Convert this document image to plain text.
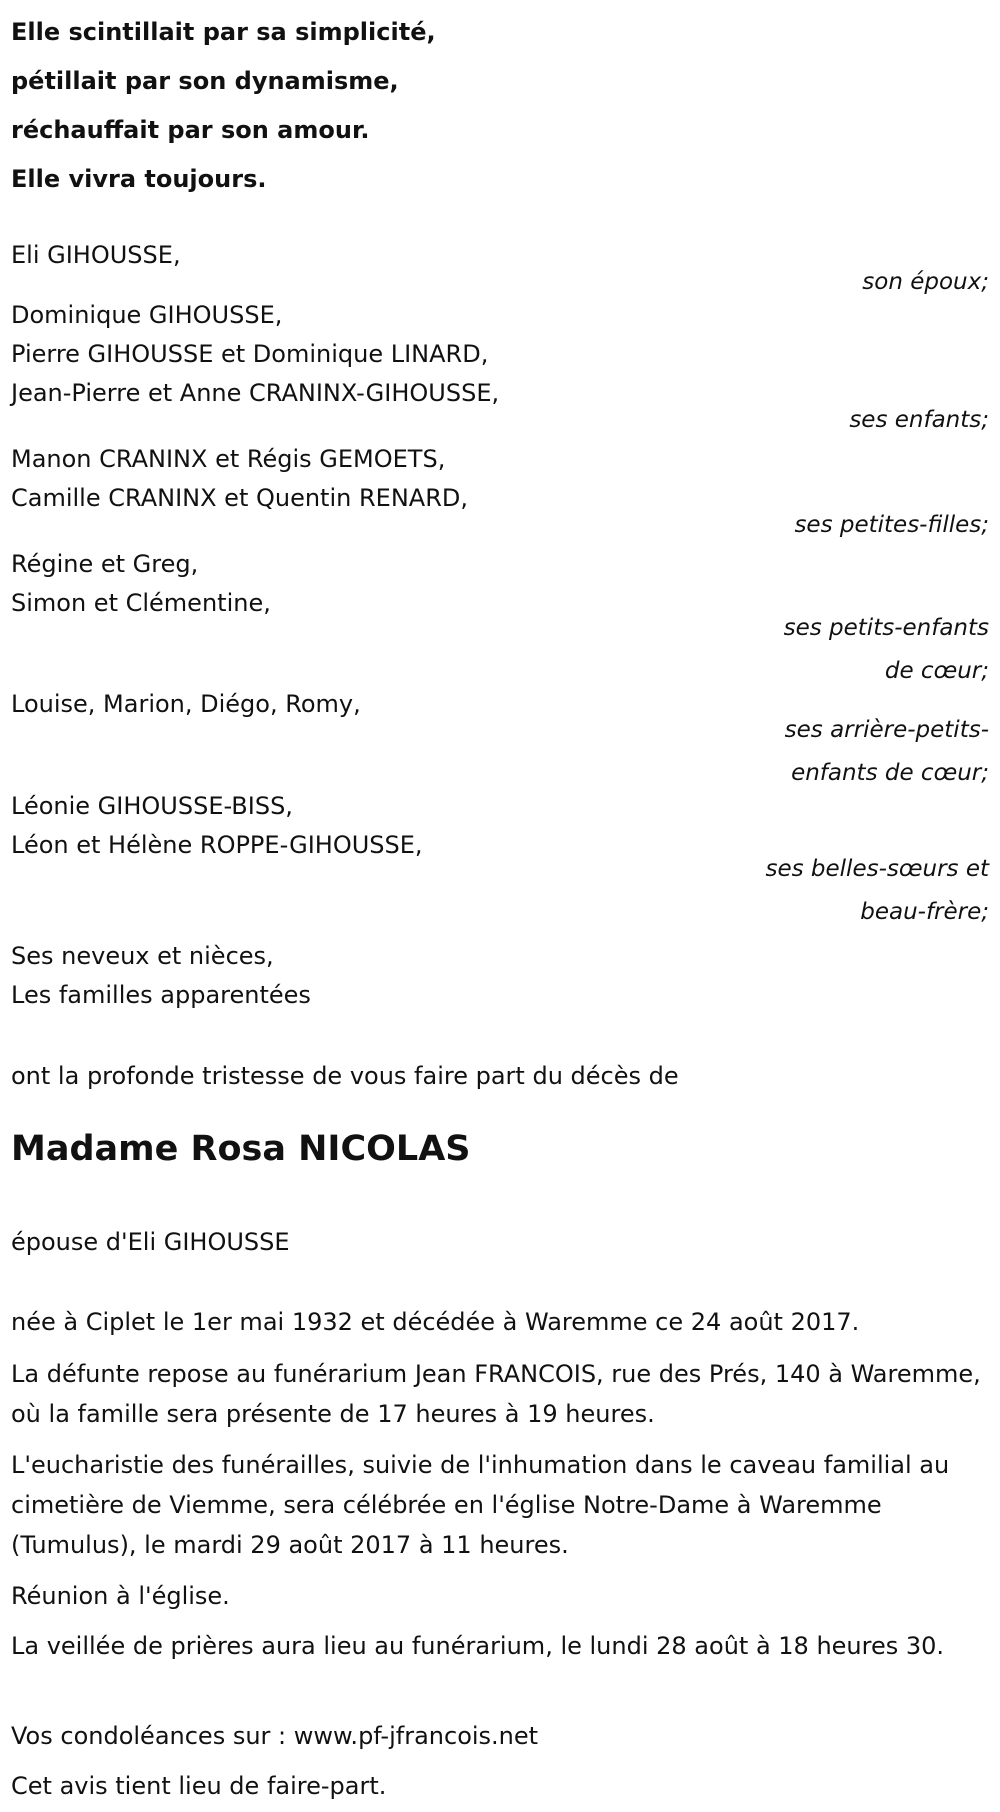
Elle scintillait par sa simplicité,
pétillait par son dynamisme,
réchauffait par son amour.
Elle vivra toujours.
Eli GIHOUSSE,
son époux;
Dominique GIHOUSSE,
Pierre GIHOUSSE et Dominique LINARD,
Jean-Pierre et Anne CRANINX-GIHOUSSE,
ses enfants;
Manon CRANINX et Régis GEMOETS,
Camille CRANINX et Quentin RENARD,
ses petites-filles;
Régine et Greg,
Simon et Clémentine,
ses petits-enfants
de cœur;
Louise, Marion, Diégo, Romy,
ses arrière-petits-
enfants de cœur;
Léonie GIHOUSSE-BISS,
Léon et Hélène ROPPE-GIHOUSSE,
ses belles-sœurs et
beau-frère;
Ses neveux et nièces,
Les familles apparentées
ont la profonde tristesse de vous faire part du décès de
Madame Rosa NICOLAS
épouse d'Eli GIHOUSSE
née à Ciplet le 1er mai 1932 et décédée à Waremme ce 24 août 2017.
La défunte repose au funérarium Jean FRANCOIS, rue des Prés, 140 à Waremme, où la famille sera présente de 17 heures à 19 heures.
L'eucharistie des funérailles, suivie de l'inhumation dans le caveau familial au cimetière de Viemme, sera célébrée en l'église Notre-Dame à Waremme (Tumulus), le mardi 29 août 2017 à 11 heures.
Réunion à l'église.
La veillée de prières aura lieu au funérarium, le lundi 28 août à 18 heures 30.
Vos condoléances sur : www.pf-jfrancois.net
Cet avis tient lieu de faire-part.
